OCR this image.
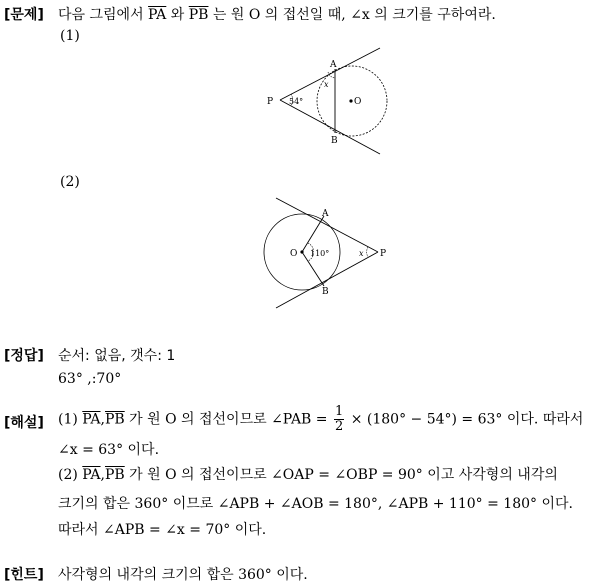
[문제] 다음 그림에서 $\overline{PA}$ 와 $\overline{PB}$ 는 원 O 의 접선일 때, ∠x 의 크기를 구하여라.
(1)
P
A
B
O
54°
x
(2)
A
B
O	P
110°	x
[정답] 순서: 없음, 갯수: 1
63° ,:70°
[해설] (1) $\overline{PA},\overline{PB}$ 가 원 O 의 접선이므로 ∠PAB = $\frac{1}{2} \times (180^\circ - 54^\circ) = 63^\circ$ 이다. 따라서
∠x = 63° 이다.
(2) $\overline{PA},\overline{PB}$ 가 원 O 의 접선이므로 ∠OAP = ∠OBP = 90° 이고 사각형의 내각의
크기의 합은 360° 이므로 ∠APB + ∠AOB = 180°, ∠APB + 110° = 180° 이다.
따라서 ∠APB = ∠x = 70° 이다.
[힌트] 사각형의 내각의 크기의 합은 360° 이다.
